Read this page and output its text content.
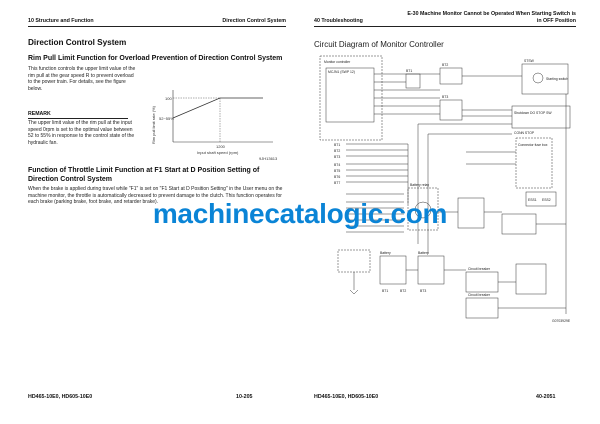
10 Structure and Function	Direction Control System
Direction Control System
Rim Pull Limit Function for Overload Prevention of Direction Control System
This function controls the upper limit value of the rim pull at the gear speed R to prevent overload to the power train. For details, see the figure below.
REMARK
The upper limit value of the rim pull at the input speed 0rpm is set to the optimal value between 52 to 55% in response to the control state of the hydraulic fan.
100
52~55%
1200
Input shaft speed (rpm)
Rim pull limit rate (%)
9JH13613
Function of Throttle Limit Function at F1 Start at D Position Setting of Direction Control System
When the brake is applied during travel while "F1" is set on "F1 Start at D Position Setting" in the User menu on the machine monitor, the throttle is automatically decreased to prevent damage to the clutch. This function operates for each brake (parking brake, foot brake, and retarder brake).
HD465-10E0, HD605-10E0	10-205
40 Troubleshooting
E-30 Machine Monitor Cannot be Operated When Starting Switch is
in OFF Position
Circuit Diagram of Monitor Controller
Monitor controller
MCJN1 (SWP 12)
BT2
BT3
BT1
STSW
Starting switch
Shutdown DO STOP SW
CONN STOP
Connector fuse box
ESS1 ESS2
BT1
BT2
BT3
BT4
BT5
BT6
BT7	Battery relay
Battery	Battery
Circuit breaker
Circuit breaker
BT1	BT2	BT3
G0703929E
HD465-10E0, HD605-10E0	40-2051
machinecatalogic.com
